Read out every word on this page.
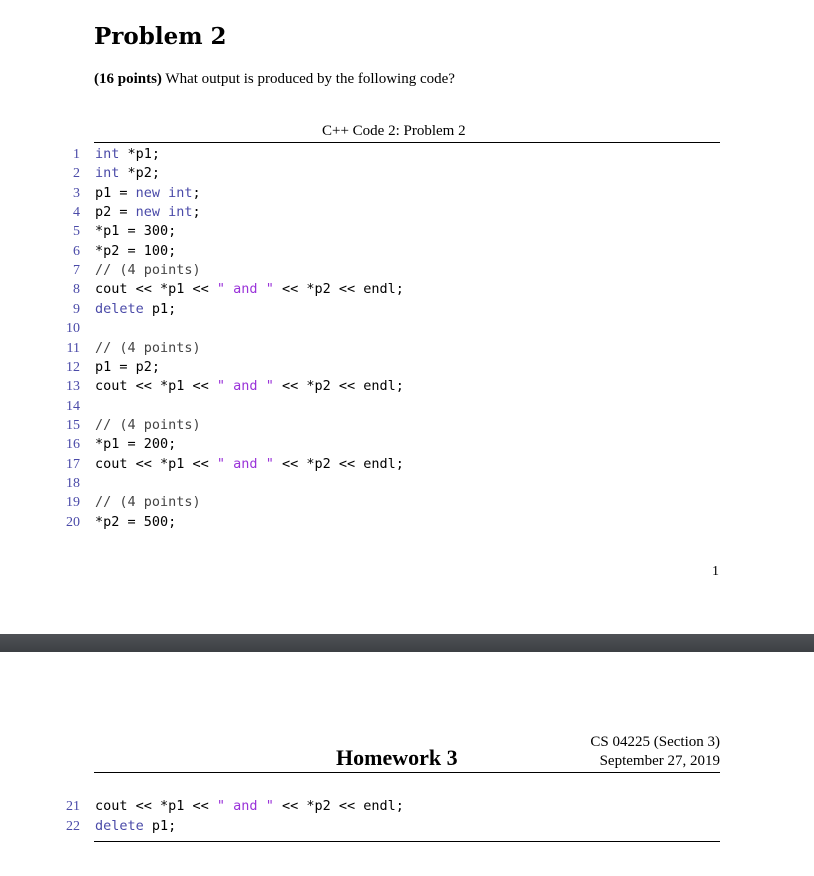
Problem 2
(16 points) What output is produced by the following code?
C++ Code 2: Problem 2
1 int *p1;
2 int *p2;
3 p1 = new int;
4 p2 = new int;
5 *p1 = 300;
6 *p2 = 100;
7 // (4 points)
8 cout << *p1 << " and " << *p2 << endl;
9 delete p1;
10
11 // (4 points)
12 p1 = p2;
13 cout << *p1 << " and " << *p2 << endl;
14
15 // (4 points)
16 *p1 = 200;
17 cout << *p1 << " and " << *p2 << endl;
18
19 // (4 points)
20 *p2 = 500;
1
Homework 3
CS 04225 (Section 3)
September 27, 2019
21 cout << *p1 << " and " << *p2 << endl;
22 delete p1;
